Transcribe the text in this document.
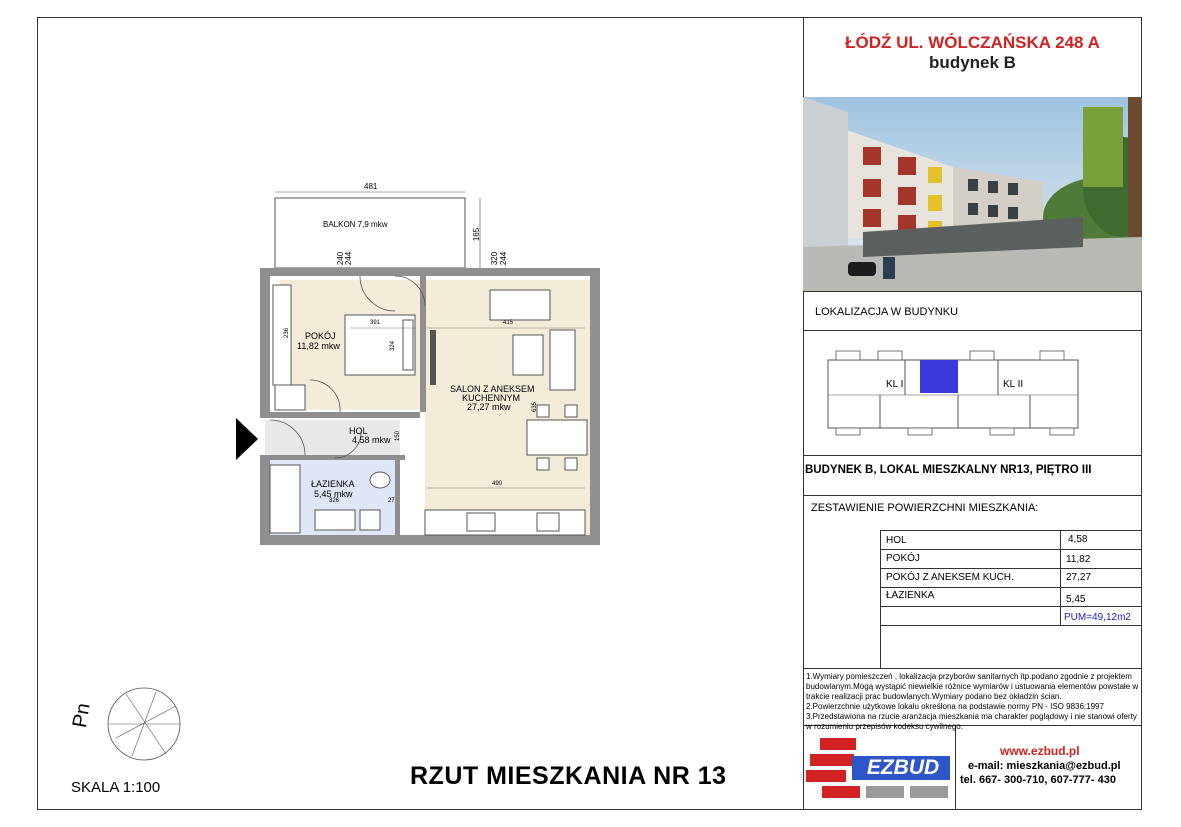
ŁÓDŹ UL. WÓLCZAŃSKA 248 A
budynek B
LOKALIZACJA W BUDYNKU
KL I	KL II
BUDYNEK B, LOKAL MIESZKALNY NR13, PIĘTRO III
ZESTAWIENIE POWIERZCHNI MIESZKANIA:
HOL	4,58
POKÓJ	11,82
POKÓJ Z ANEKSEM KUCH.	27,27
ŁAZIENKA	5,45
PUM=49,12m2
1.Wymiary pomieszczeń , lokalizacja przyborów sanitarnych itp.podano zgodnie z projektem budowlanym.Mogą wystąpić niewielkie różnice wymiarów i ustuowania elementów powstałe w trakcie realizacji prac budowlanych.Wymiary podano bez okładzin ścian.
2.Powierzchnie użytkowe lokalu określona na podstawie normy PN - ISO 9836:1997
3.Przedstawiona na rzucie aranżacja mieszkania ma charakter poglądowy i nie stanowi oferty w rozumieniu przepisów kodeksu cywilnego.
EZBUD
www.ezbud.pl
e-mail: mieszkania@ezbud.pl
tel. 667- 300-710, 607-777- 430
RZUT MIESZKANIA NR 13
SKALA 1:100
Pn
481
165
BALKON 7,9 mkw
240 244	320 244
POKÓJ
11,82 mkw
391	415
324
236
SALON Z ANEKSEM
KUCHENNYM
27,27 mkw	635
HOL
4,58 mkw 150
ŁAZIENKA
5,45 mkw
326	27
490
